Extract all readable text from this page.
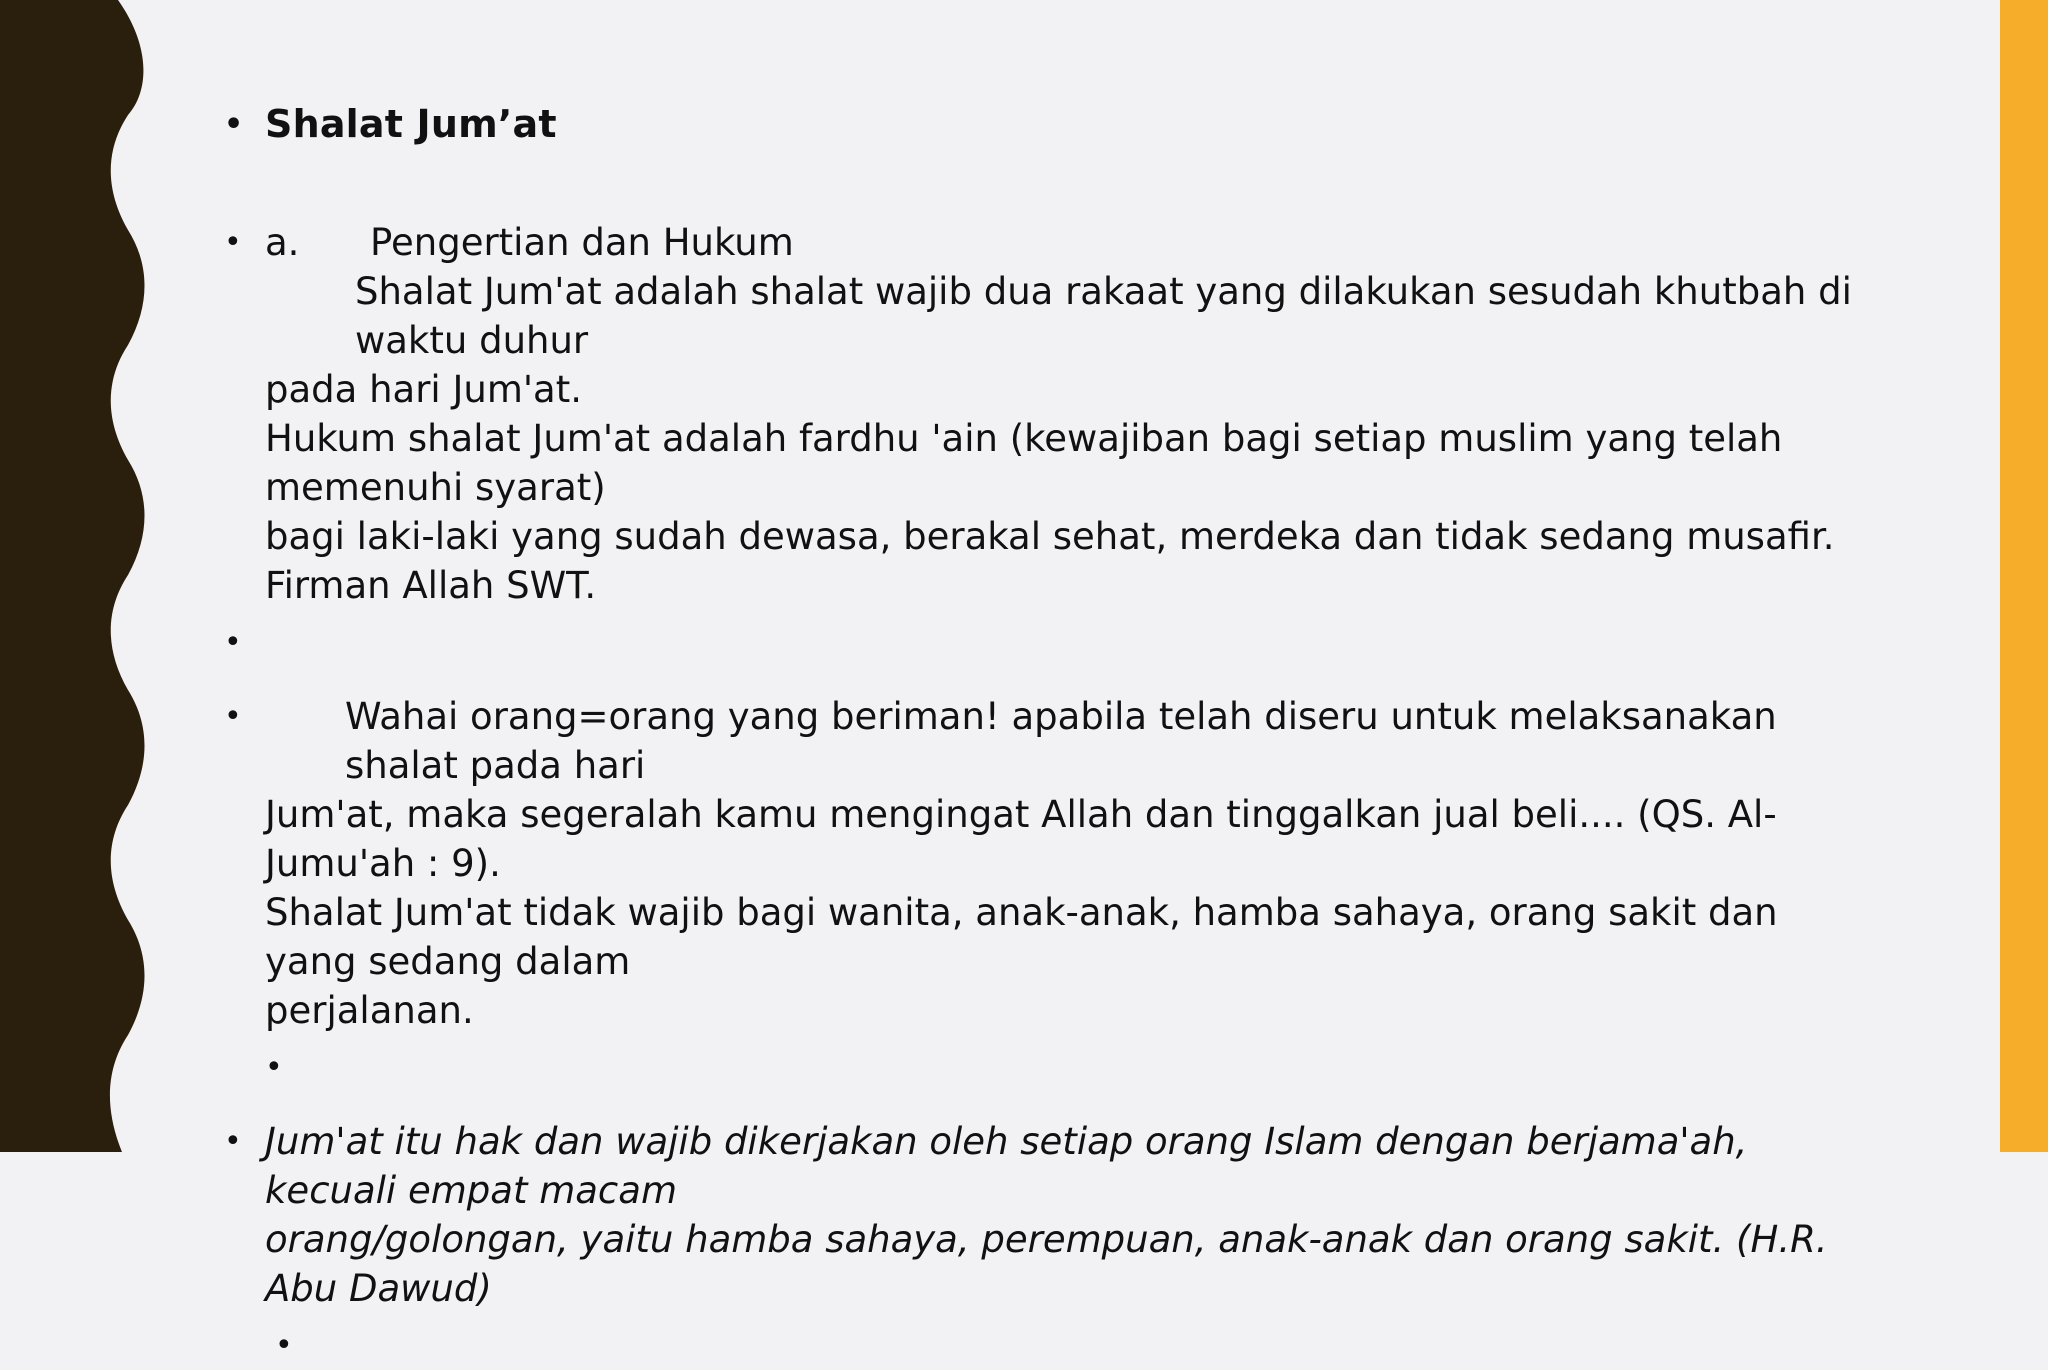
• Shalat Jum’at
• a. Pengertian dan Hukum
Shalat Jum'at adalah shalat wajib dua rakaat yang dilakukan sesudah khutbah di waktu duhur
pada hari Jum'at.
Hukum shalat Jum'at adalah fardhu 'ain (kewajiban bagi setiap muslim yang telah memenuhi syarat)
bagi laki-laki yang sudah dewasa, berakal sehat, merdeka dan tidak sedang musafir.
Firman Allah SWT.
•
•	Wahai orang=orang yang beriman! apabila telah diseru untuk melaksanakan shalat pada hari
Jum'at, maka segeralah kamu mengingat Allah dan tinggalkan jual beli.... (QS. Al-Jumu'ah : 9).
Shalat Jum'at tidak wajib bagi wanita, anak-anak, hamba sahaya, orang sakit dan yang sedang dalam
perjalanan.
•
• Jum'at itu hak dan wajib dikerjakan oleh setiap orang Islam dengan berjama'ah, kecuali empat macam
orang/golongan, yaitu hamba sahaya, perempuan, anak-anak dan orang sakit. (H.R. Abu Dawud)
•
